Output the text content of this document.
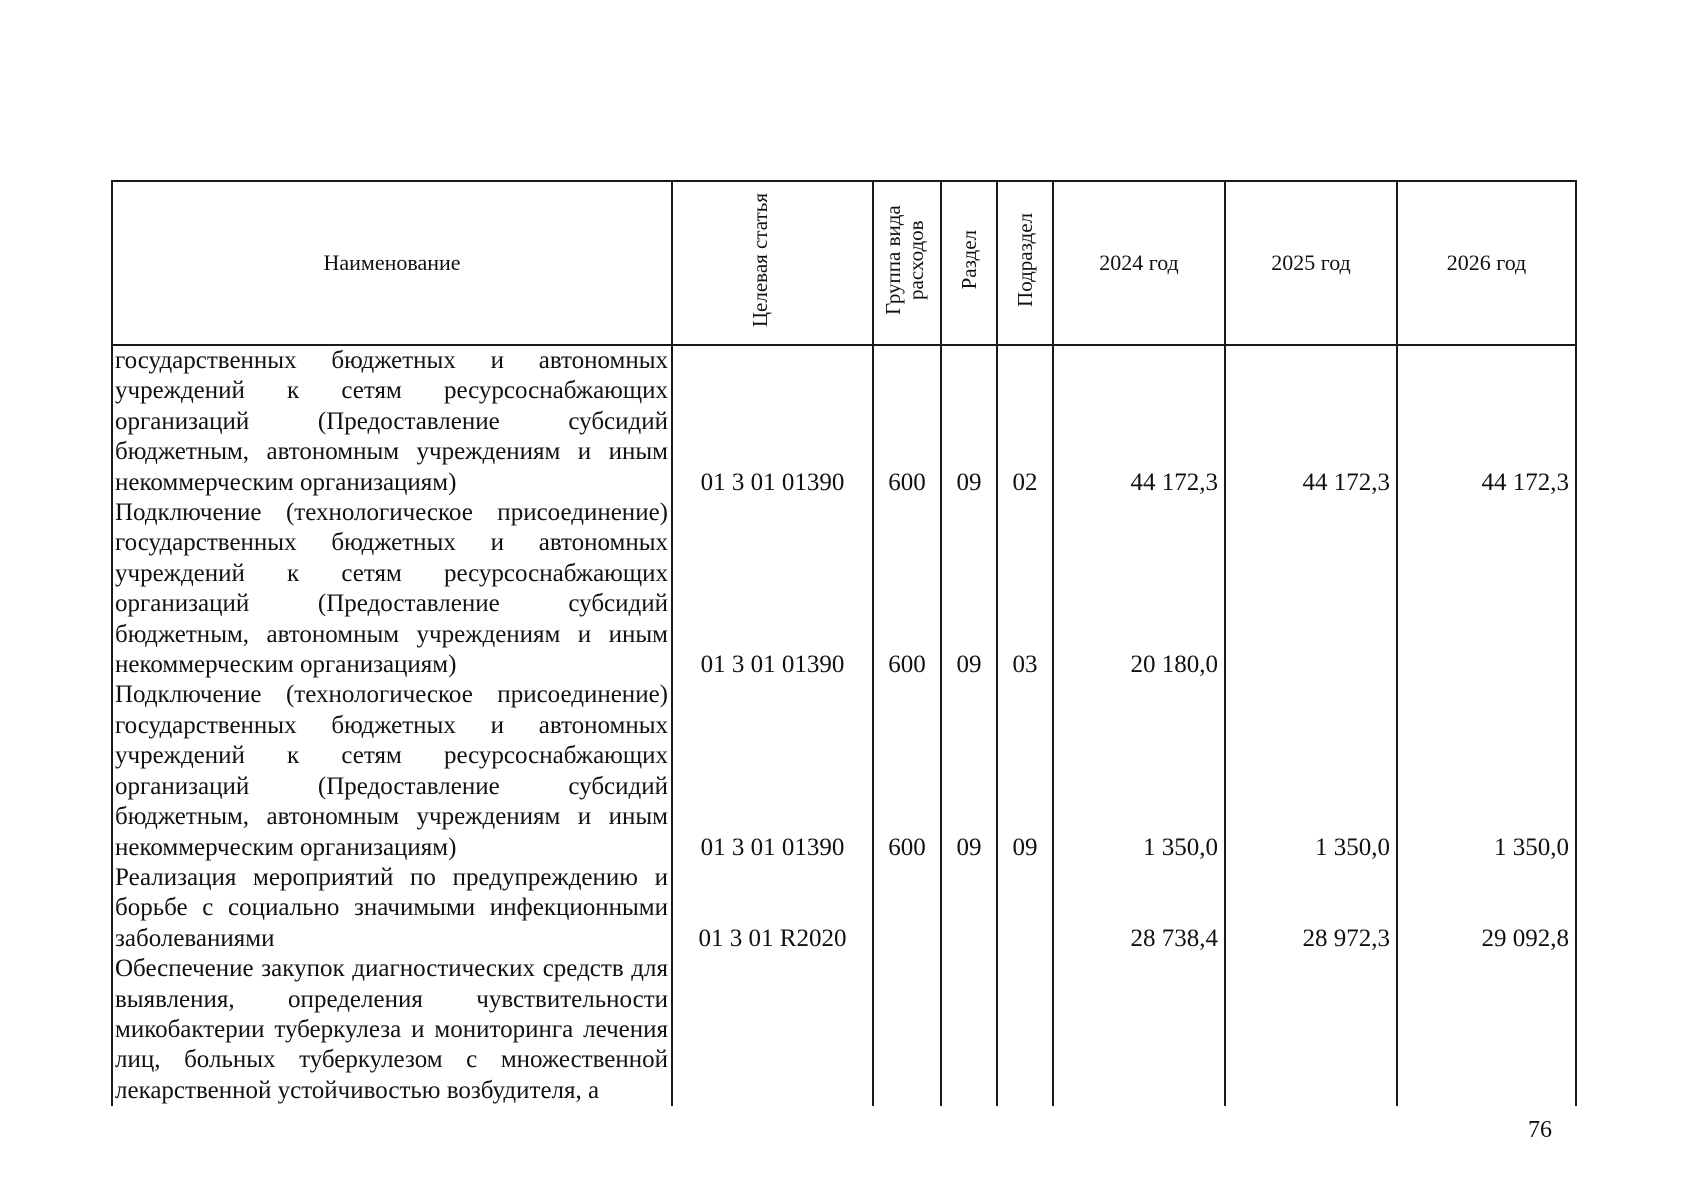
Наименование	Целевая статья	Группа вида расходов	Раздел	Подраздел	2024 год	2025 год	2026 год
государственных бюджетных и автономных учреждений к сетям ресурсоснабжающих организаций (Предоставление субсидий бюджетным, автономным учреждениям и иным некоммерческим организациям)	01 3 01 01390	600	09	02	44 172,3	44 172,3	44 172,3
Подключение (технологическое присоединение) государственных бюджетных и автономных учреждений к сетям ресурсоснабжающих организаций (Предоставление субсидий бюджетным, автономным учреждениям и иным некоммерческим организациям)	01 3 01 01390	600	09	03	20 180,0		
Подключение (технологическое присоединение) государственных бюджетных и автономных учреждений к сетям ресурсоснабжающих организаций (Предоставление субсидий бюджетным, автономным учреждениям и иным некоммерческим организациям)	01 3 01 01390	600	09	09	1 350,0	1 350,0	1 350,0
Реализация мероприятий по предупреждению и борьбе с социально значимыми инфекционными заболеваниями	01 3 01 R2020				28 738,4	28 972,3	29 092,8
Обеспечение закупок диагностических средств для выявления, определения чувствительности микобактерии туберкулеза и мониторинга лечения лиц, больных туберкулезом с множественной лекарственной устойчивостью возбудителя, а							
76
